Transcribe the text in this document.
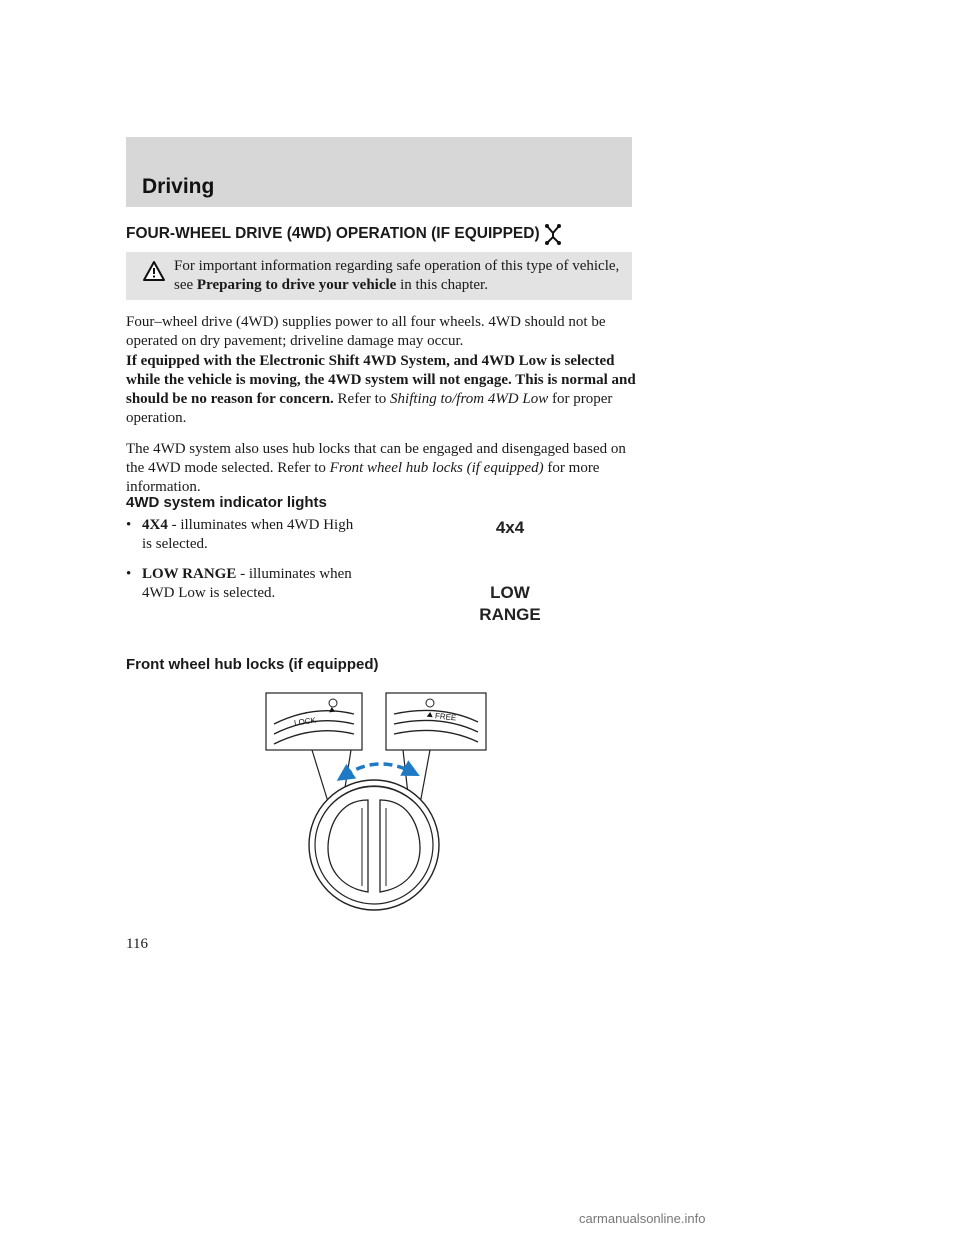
Driving
FOUR-WHEEL DRIVE (4WD) OPERATION (IF EQUIPPED)
For important information regarding safe operation of this type of vehicle, see Preparing to drive your vehicle in this chapter.
Four–wheel drive (4WD) supplies power to all four wheels. 4WD should not be operated on dry pavement; driveline damage may occur.
If equipped with the Electronic Shift 4WD System, and 4WD Low is selected while the vehicle is moving, the 4WD system will not engage. This is normal and should be no reason for concern. Refer to Shifting to/from 4WD Low for proper operation.
The 4WD system also uses hub locks that can be engaged and disengaged based on the 4WD mode selected. Refer to Front wheel hub locks (if equipped) for more information.
4WD system indicator lights
• 4X4 - illuminates when 4WD High
is selected.
• LOW RANGE - illuminates when
4WD Low is selected.
4x4
LOW
RANGE
Front wheel hub locks (if equipped)
LOCK	FREE
116
carmanualsonline.info
